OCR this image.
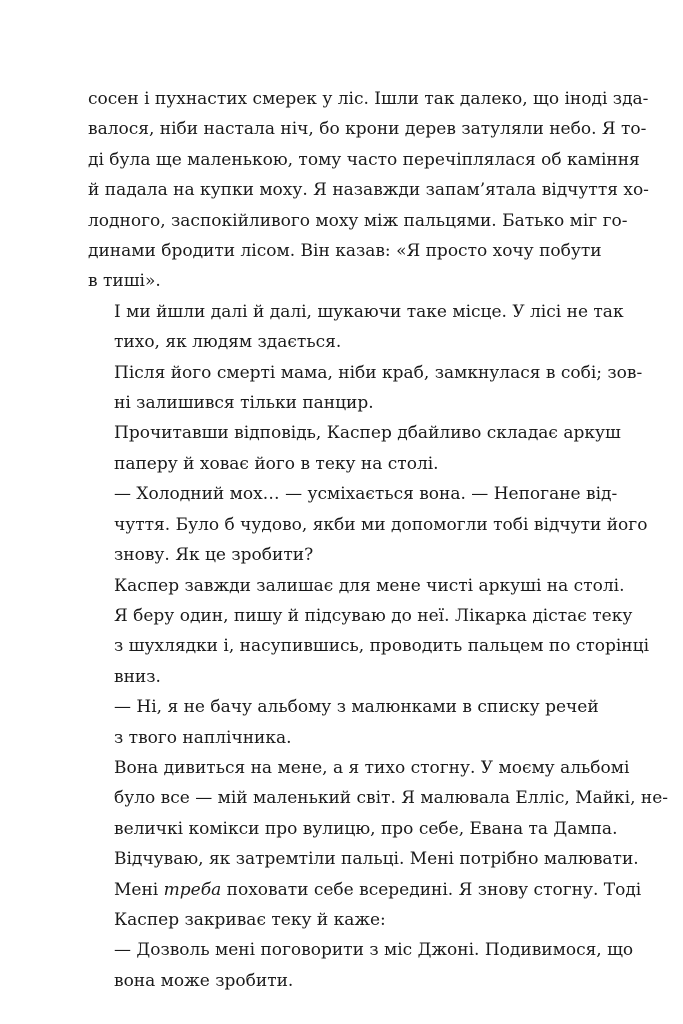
сосен і пухнастих смерек у ліс. Ішли так далеко, що іноді зда-
валося, ніби настала ніч, бо крони дерев затуляли небо. Я то-
ді була ще маленькою, тому часто перечіплялася об каміння
й падала на купки моху. Я назавжди запам’ятала відчуття хо-
лодного, заспокійливого моху між пальцями. Батько міг го-
динами бродити лісом. Він казав: «Я просто хочу побути
в тиші».

І ми йшли далі й далі, шукаючи таке місце. У лісі не так
тихо, як людям здається.

Після його смерті мама, ніби краб, замкнулася в собі; зов-
ні залишився тільки панцир.

Прочитавши відповідь, Каспер дбайливо складає аркуш
паперу й ховає його в теку на столі.

— Холодний мох… — усміхається вона. — Непогане від-
чуття. Було б чудово, якби ми допомогли тобі відчути його
знову. Як це зробити?

Каспер завжди залишає для мене чисті аркуші на столі.
Я беру один, пишу й підсуваю до неї. Лікарка дістає теку
з шухлядки і, насупившись, проводить пальцем по сторінці
вниз.

— Ні, я не бачу альбому з малюнками в списку речей
з твого наплічника.

Вона дивиться на мене, а я тихо стогну. У моєму альбомі
було все — мій маленький світ. Я малювала Елліс, Майкі, не-
величкі комікси про вулицю, про себе, Евана та Дампа.

Відчуваю, як затремтіли пальці. Мені потрібно малювати.
Мені треба поховати себе всередині. Я знову стогну. Тоді
Каспер закриває теку й каже:

— Дозволь мені поговорити з міс Джоні. Подивимося, що
вона може зробити.
